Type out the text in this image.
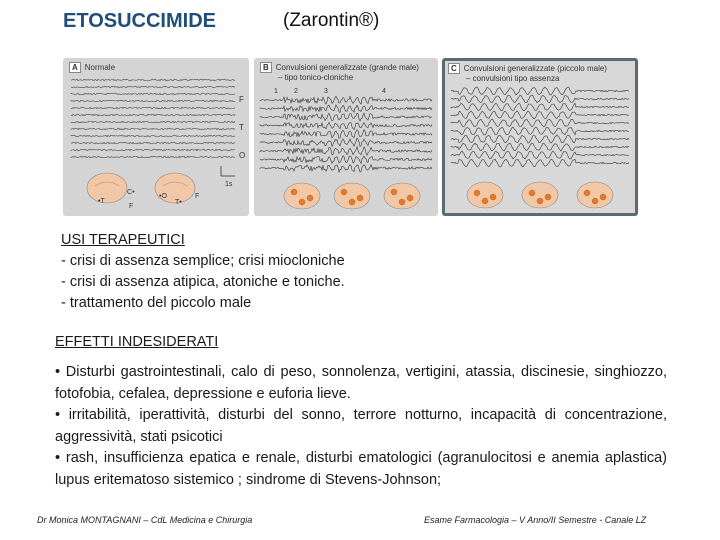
ETOSUCCIMIDE	(Zarontin®)
A Normale
F
T
O
1s
•T
C•
F
•O
T•
F
B Convulsioni generalizzate (grande male)
– tipo tonico-cloniche
1 2	3	4
C Convulsioni generalizzate (piccolo male)
– convulsioni tipo assenza
USI TERAPEUTICI
- crisi di assenza semplice; crisi miocloniche
- crisi di assenza atipica, atoniche e toniche.
- trattamento del piccolo male
EFFETTI INDESIDERATI
• Disturbi gastrointestinali, calo di peso, sonnolenza, vertigini, atassia, discinesie, singhiozzo, fotofobia, cefalea, depressione e euforia lieve.
• irritabilità, iperattività, disturbi del sonno, terrore notturno, incapacità di concentrazione, aggressività, stati psicotici
• rash, insufficienza epatica e renale, disturbi ematologici (agranulocitosi e anemia aplastica) lupus eritematoso sistemico ; sindrome di Stevens-Johnson;
Dr Monica MONTAGNANI – CdL Medicina e Chirurgia	Esame Farmacologia – V Anno/II Semestre - Canale LZ
